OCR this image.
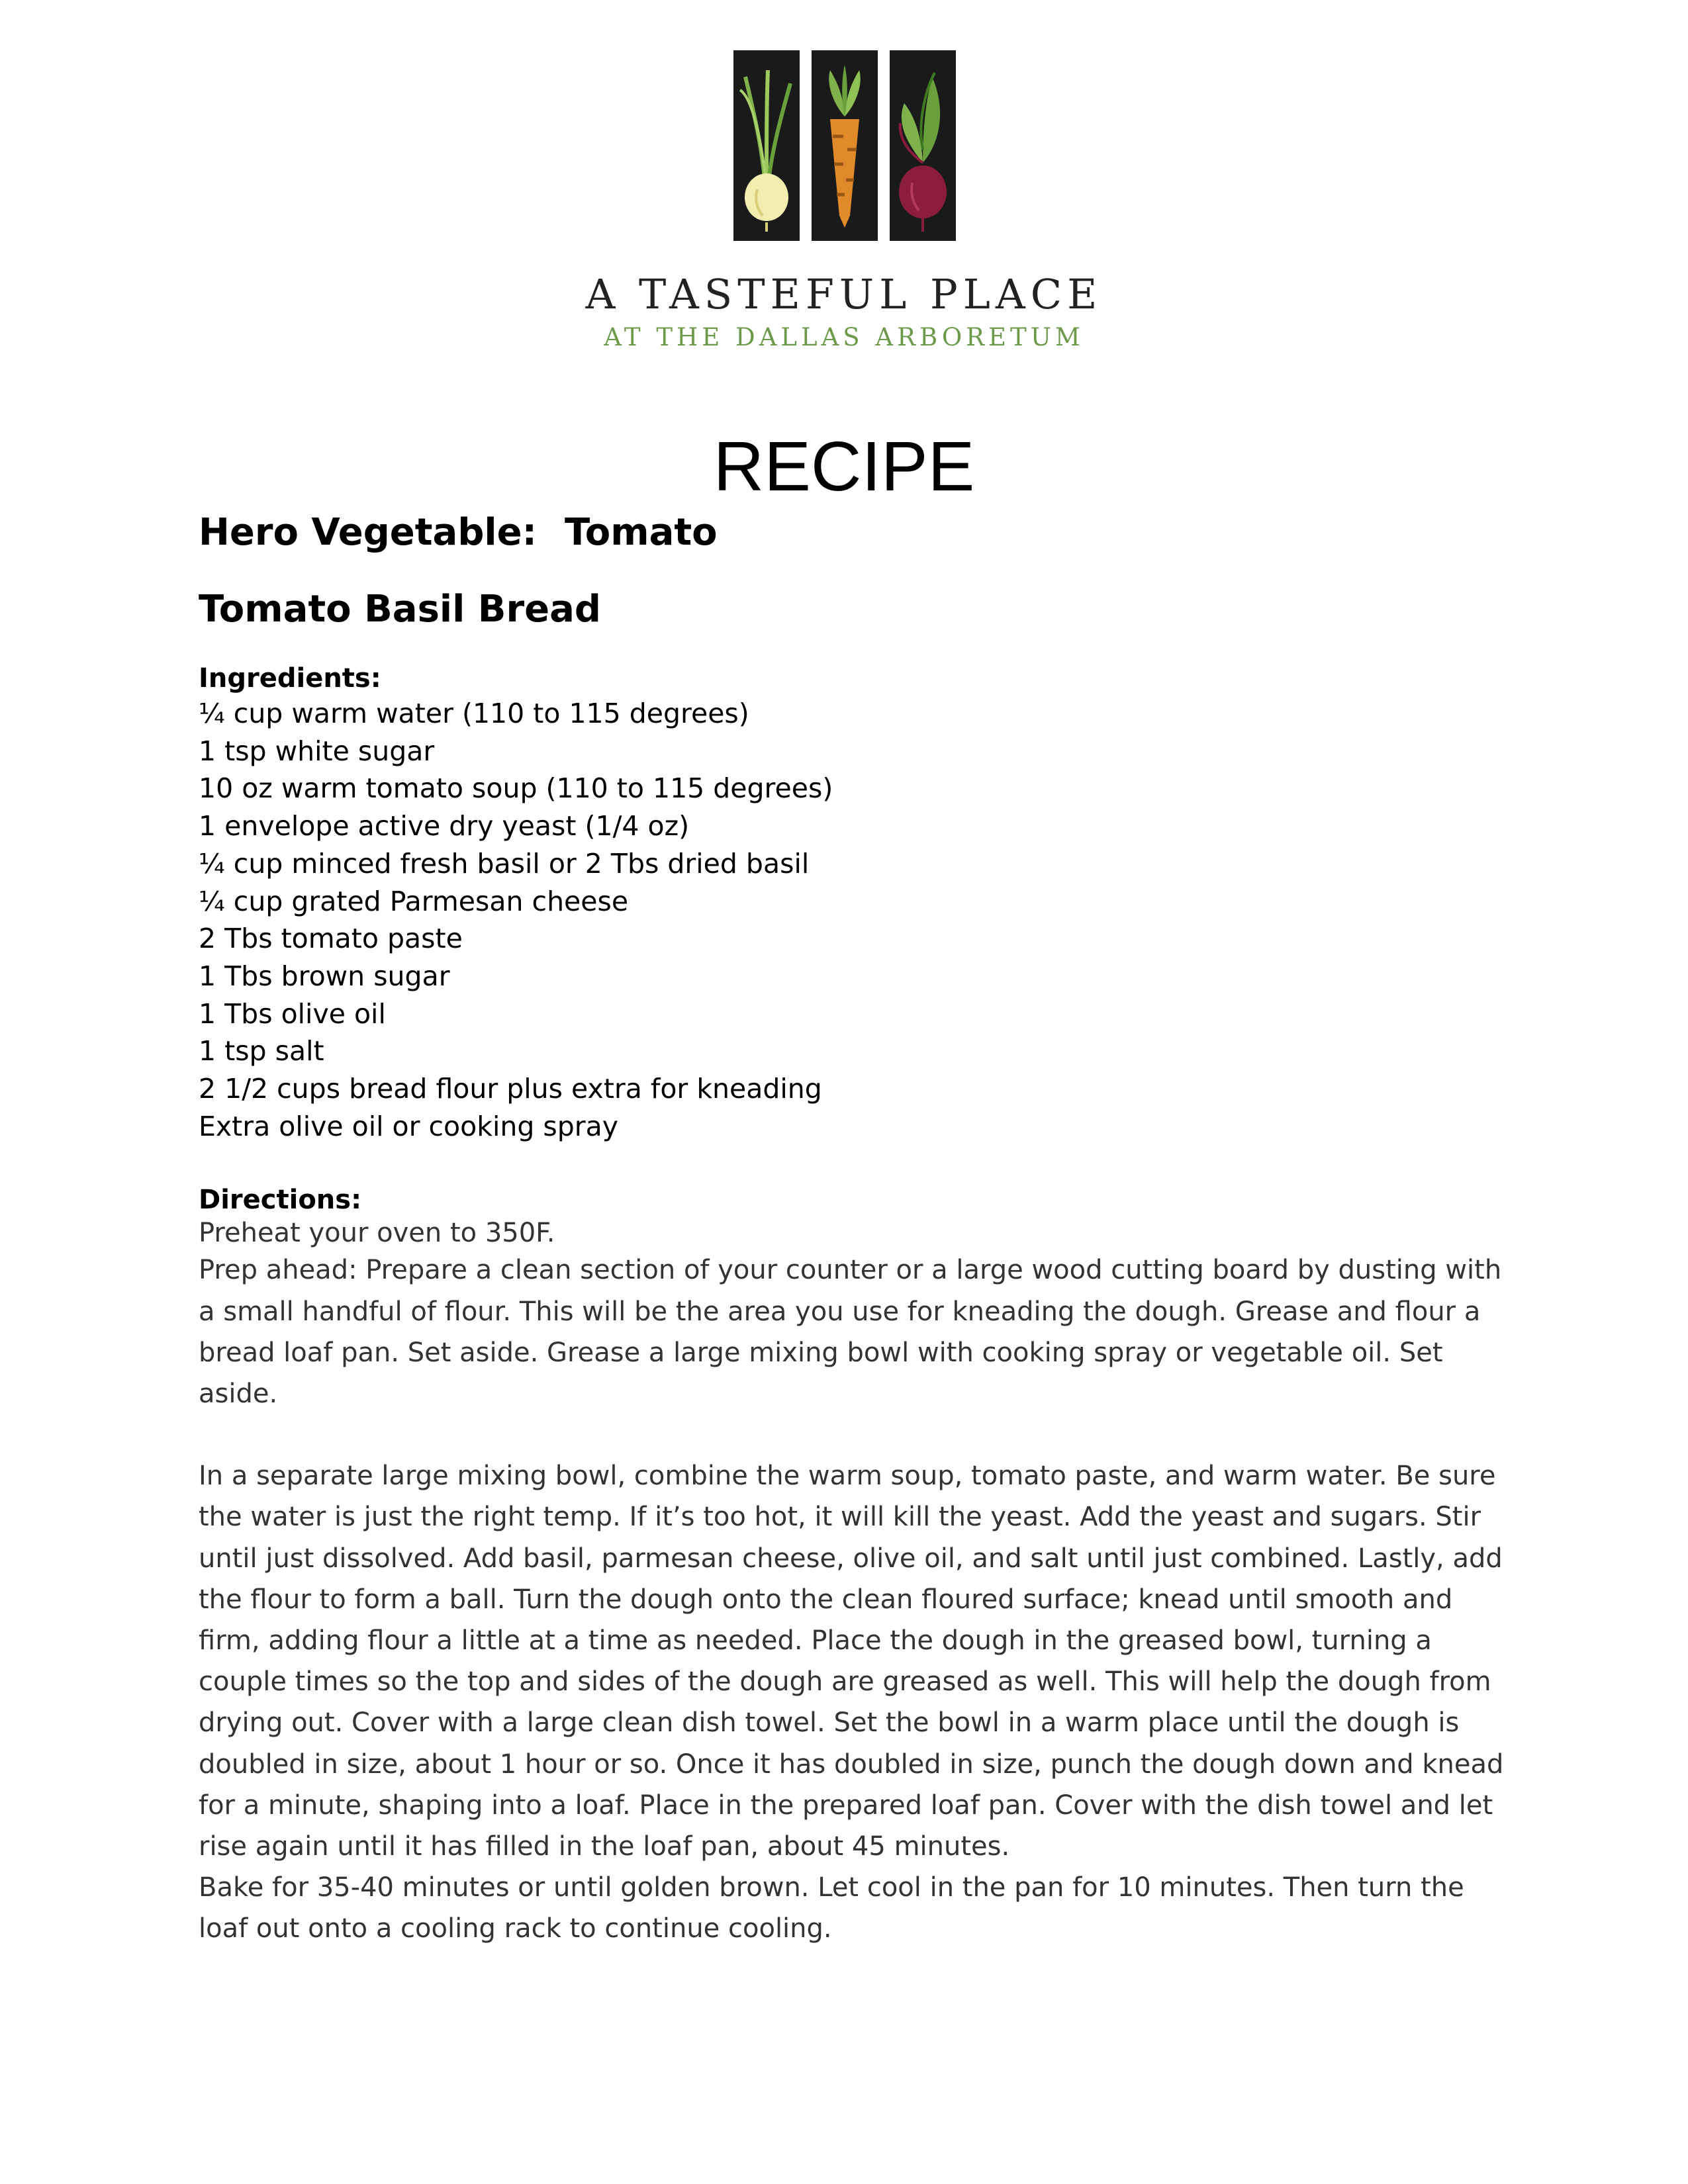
A TASTEFUL PLACE
AT THE DALLAS ARBORETUM
RECIPE
Hero Vegetable: Tomato
Tomato Basil Bread
Ingredients:
¼ cup warm water (110 to 115 degrees)
1 tsp white sugar
10 oz warm tomato soup (110 to 115 degrees)
1 envelope active dry yeast (1/4 oz)
¼ cup minced fresh basil or 2 Tbs dried basil
¼ cup grated Parmesan cheese
2 Tbs tomato paste
1 Tbs brown sugar
1 Tbs olive oil
1 tsp salt
2 1/2 cups bread flour plus extra for kneading
Extra olive oil or cooking spray
Directions:

Preheat your oven to 350F.

Prep ahead: Prepare a clean section of your counter or a large wood cutting board by dusting with a small handful of flour. This will be the area you use for kneading the dough. Grease and flour a bread loaf pan. Set aside. Grease a large mixing bowl with cooking spray or vegetable oil. Set aside.

In a separate large mixing bowl, combine the warm soup, tomato paste, and warm water. Be sure the water is just the right temp. If it’s too hot, it will kill the yeast. Add the yeast and sugars. Stir until just dissolved. Add basil, parmesan cheese, olive oil, and salt until just combined. Lastly, add the flour to form a ball. Turn the dough onto the clean floured surface; knead until smooth and firm, adding flour a little at a time as needed. Place the dough in the greased bowl, turning a couple times so the top and sides of the dough are greased as well. This will help the dough from drying out. Cover with a large clean dish towel. Set the bowl in a warm place until the dough is doubled in size, about 1 hour or so. Once it has doubled in size, punch the dough down and knead for a minute, shaping into a loaf. Place in the prepared loaf pan. Cover with the dish towel and let rise again until it has filled in the loaf pan, about 45 minutes.

Bake for 35-40 minutes or until golden brown. Let cool in the pan for 10 minutes. Then turn the loaf out onto a cooling rack to continue cooling.
